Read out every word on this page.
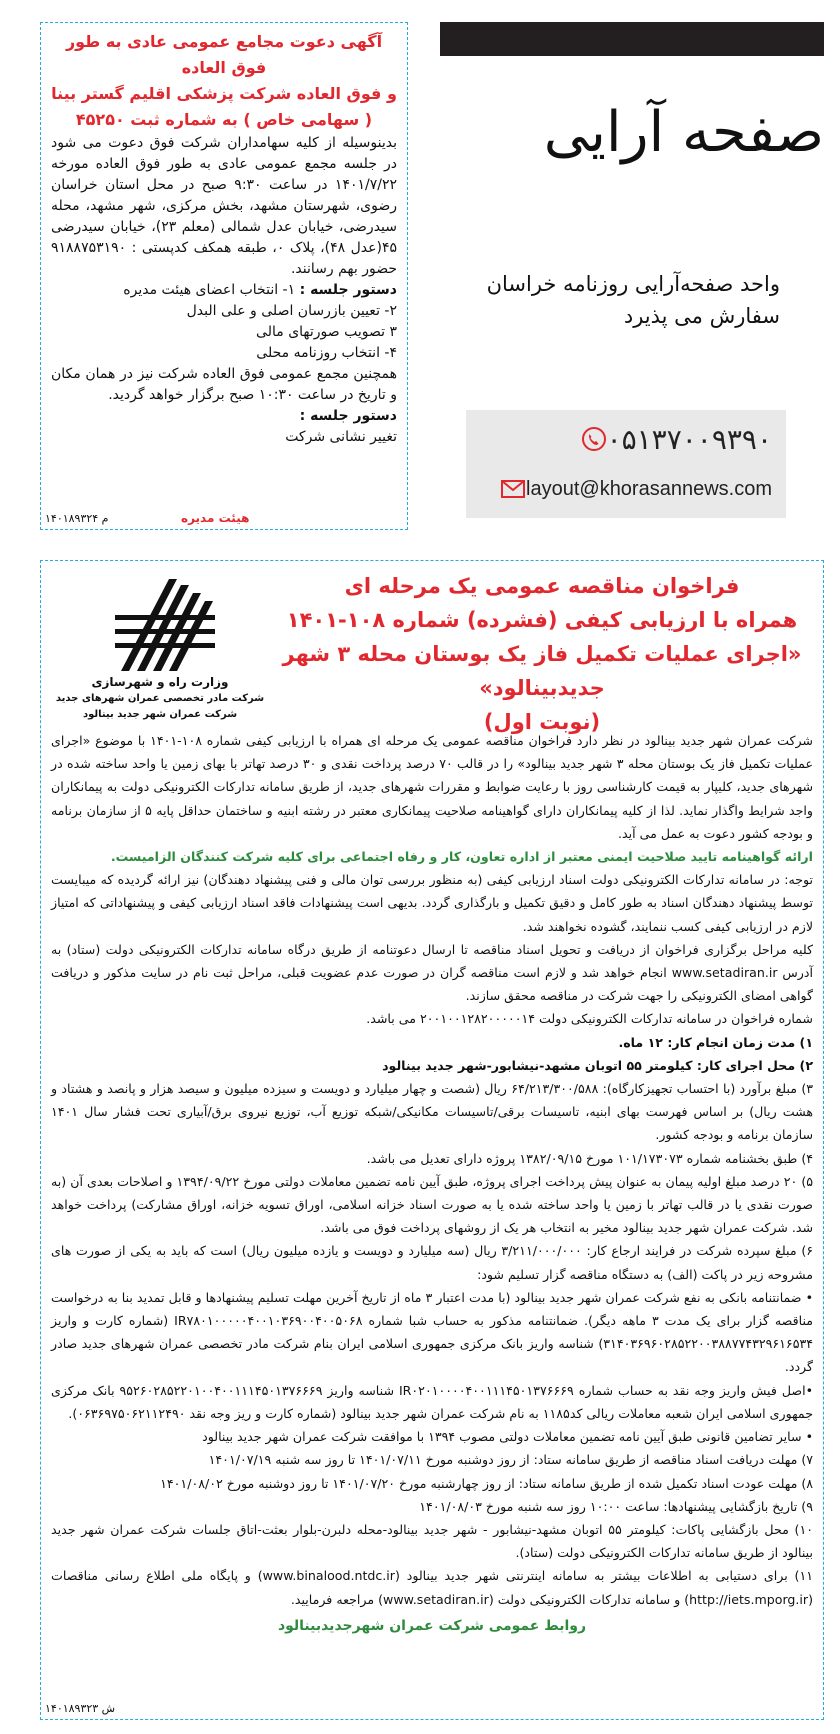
آگهی دعوت مجامع عمومی عادی به طور فوق العاده
و فوق العاده شرکت پزشکی اقلیم گستر بینا
( سهامی خاص ) به شماره ثبت ۴۵۲۵۰
بدینوسیله از کلیه سهامداران شرکت فوق دعوت می شود در جلسه مجمع عمومی عادی به طور فوق العاده مورخه ۱۴۰۱/۷/۲۲ در ساعت ۹:۳۰ صبح در محل استان خراسان رضوی، شهرستان مشهد، بخش مرکزی، شهر مشهد، محله سیدرضی، خیابان عدل شمالی (معلم ۲۳)، خیابان سیدرضی ۴۵(عدل ۴۸)، پلاک ۰، طبقه همکف کدپستی : ۹۱۸۸۷۵۳۱۹۰ حضور بهم رسانند.
دستور جلسه : ۱- انتخاب اعضای هیئت مدیره
۲- تعیین بازرسان اصلی و علی البدل
۳ تصویب صورتهای مالی
۴- انتخاب روزنامه محلی
همچنین مجمع عمومی فوق العاده شرکت نیز در همان مکان و تاریخ در ساعت ۱۰:۳۰ صبح برگزار خواهد گردید.
دستور جلسه :
تغییر نشانی شرکت
هیئت مدیره
م ۱۴۰۱۸۹۳۲۴
صفحه آرایی
واحد صفحه‌آرایی روزنامه خراسان
سفارش می پذیرد
۰۵۱۳۷۰۰۹۳۹۰
layout@khorasannews.com
وزارت راه و شهرسازی
شرکت مادر تخصصی عمران شهرهای جدید
شرکت عمران شهر جدید بینالود
فراخوان مناقصه عمومی یک مرحله ای
همراه با ارزیابی کیفی (فشرده) شماره ۱۰۸-۱۴۰۱
«اجرای عملیات تکمیل فاز یک بوستان محله ۳ شهر جدیدبینالود»
(نوبت اول)

شرکت عمران شهر جدید بینالود در نظر دارد فراخوان مناقصه عمومی یک مرحله ای همراه با ارزیابی کیفی شماره ۱۰۸-۱۴۰۱ با موضوع «اجرای عملیات تکمیل فاز یک بوستان محله ۳ شهر جدید بینالود» را در قالب ۷۰ درصد پرداخت نقدی و ۳۰ درصد تهاتر با بهای زمین یا واحد ساخته شده در شهرهای جدید، کلیپار به قیمت کارشناسی روز با رعایت ضوابط و مقررات شهرهای جدید، از طریق سامانه تدارکات الکترونیکی دولت به پیمانکاران واجد شرایط واگذار نماید. لذا از کلیه پیمانکاران دارای گواهینامه صلاحیت پیمانکاری معتبر در رشته ابنیه و ساختمان حداقل پایه ۵ از سازمان برنامه و بودجه کشور دعوت به عمل می آید.

ارائه گواهینامه تایید صلاحیت ایمنی معتبر از اداره تعاون، کار و رفاه اجتماعی برای کلیه شرکت کنندگان الزامیست.

توجه: در سامانه تدارکات الکترونیکی دولت اسناد ارزیابی کیفی (به منظور بررسی توان مالی و فنی پیشنهاد دهندگان) نیز ارائه گردیده که میبایست توسط پیشنهاد دهندگان اسناد به طور کامل و دقیق تکمیل و بارگذاری گردد. بدیهی است پیشنهادات فاقد اسناد ارزیابی کیفی و پیشنهاداتی که امتیاز لازم در ارزیابی کیفی کسب ننمایند، گشوده نخواهند شد.

کلیه مراحل برگزاری فراخوان از دریافت و تحویل اسناد مناقصه تا ارسال دعوتنامه از طریق درگاه سامانه تدارکات الکترونیکی دولت (ستاد) به آدرس www.setadiran.ir انجام خواهد شد و لازم است مناقصه گران در صورت عدم عضویت قبلی، مراحل ثبت نام در سایت مذکور و دریافت گواهی امضای الکترونیکی را جهت شرکت در مناقصه محقق سازند.

شماره فراخوان در سامانه تدارکات الکترونیکی دولت ۲۰۰۱۰۰۱۲۸۲۰۰۰۰۰۱۴ می باشد.

۱) مدت زمان انجام کار: ۱۲ ماه.

۲) محل اجرای کار: کیلومتر ۵۵ اتوبان مشهد-نیشابور-شهر جدید بینالود

۳) مبلغ برآورد (با احتساب تجهیزکارگاه): ۶۴/۲۱۳/۳۰۰/۵۸۸ ریال (شصت و چهار میلیارد و دویست و سیزده میلیون و سیصد هزار و پانصد و هشتاد و هشت ریال) بر اساس فهرست بهای ابنیه، تاسیسات برقی/تاسیسات مکانیکی/شبکه توزیع آب، توزیع نیروی برق/آبیاری تحت فشار سال ۱۴۰۱ سازمان برنامه و بودجه کشور.

۴) طبق بخشنامه شماره ۱۰۱/۱۷۳۰۷۳ مورخ ۱۳۸۲/۰۹/۱۵ پروژه دارای تعدیل می باشد.

۵) ۲۰ درصد مبلغ اولیه پیمان به عنوان پیش پرداخت اجرای پروژه، طبق آیین نامه تضمین معاملات دولتی مورخ ۱۳۹۴/۰۹/۲۲ و اصلاحات بعدی آن (به صورت نقدی یا در قالب تهاتر با زمین یا واحد ساخته شده یا به صورت اسناد خزانه اسلامی، اوراق تسویه خزانه، اوراق مشارکت) پرداخت خواهد شد. شرکت عمران شهر جدید بینالود مخیر به انتخاب هر یک از روشهای پرداخت فوق می باشد.

۶) مبلغ سپرده شرکت در فرایند ارجاع کار: ۳/۲۱۱/۰۰۰/۰۰۰ ریال (سه میلیارد و دویست و یازده میلیون ریال) است که باید به یکی از صورت های مشروحه زیر در پاکت (الف) به دستگاه مناقصه گزار تسلیم شود:

• ضمانتنامه بانکی به نفع شرکت عمران شهر جدید بینالود (با مدت اعتبار ۳ ماه از تاریخ آخرین مهلت تسلیم پیشنهادها و قابل تمدید بنا به درخواست مناقصه گزار برای یک مدت ۳ ماهه دیگر). ضمانتنامه مذکور به حساب شبا شماره IR۷۸۰۱۰۰۰۰۰۴۰۰۱۰۳۶۹۰۰۴۰۰۵۰۶۸ (شماره کارت و واریز ۳۱۴۰۳۶۹۶۰۲۸۵۲۲۰۰۳۸۸۷۷۴۳۲۹۶۱۶۵۳۴) شناسه واریز بانک مرکزی جمهوری اسلامی ایران بنام شرکت مادر تخصصی عمران شهرهای جدید صادر گردد.

•اصل فیش واریز وجه نقد به حساب شماره IR۰۲۰۱۰۰۰۰۴۰۰۱۱۱۴۵۰۱۳۷۶۶۶۹ شناسه واریز ۹۵۲۶۰۲۸۵۲۲۰۱۰۰۴۰۰۱۱۱۴۵۰۱۳۷۶۶۶۹ بانک مرکزی جمهوری اسلامی ایران شعبه معاملات ریالی کد۱۱۸۵ به نام شرکت عمران شهر جدید بینالود (شماره کارت و ریز وجه نقد ۰۶۳۶۹۷۵۰۶۲۱۱۲۴۹۰).

• سایر تضامین قانونی طبق آیین نامه تضمین معاملات دولتی مصوب ۱۳۹۴ با موافقت شرکت عمران شهر جدید بینالود

۷) مهلت دریافت اسناد مناقصه از طریق سامانه ستاد: از روز دوشنبه مورخ ۱۴۰۱/۰۷/۱۱ تا روز سه شنبه ۱۴۰۱/۰۷/۱۹

۸) مهلت عودت اسناد تکمیل شده از طریق سامانه ستاد: از روز چهارشنبه مورخ ۱۴۰۱/۰۷/۲۰ تا روز دوشنبه مورخ ۱۴۰۱/۰۸/۰۲

۹) تاریخ بازگشایی پیشنهادها: ساعت ۱۰:۰۰ روز سه شنبه مورخ ۱۴۰۱/۰۸/۰۳

۱۰) محل بازگشایی پاکات: کیلومتر ۵۵ اتوبان مشهد-نیشابور - شهر جدید بینالود-محله دلبرن-بلوار بعثت-اتاق جلسات شرکت عمران شهر جدید بینالود از طریق سامانه تدارکات الکترونیکی دولت (ستاد).

۱۱) برای دستیابی به اطلاعات بیشتر به سامانه اینترنتی شهر جدید بینالود (www.binalood.ntdc.ir) و پایگاه ملی اطلاع رسانی مناقصات (http://iets.mporg.ir) و سامانه تدارکات الکترونیکی دولت (www.setadiran.ir) مراجعه فرمایید.

روابط عمومی شرکت عمران شهرجدیدبینالود

ش ۱۴۰۱۸۹۳۲۳
